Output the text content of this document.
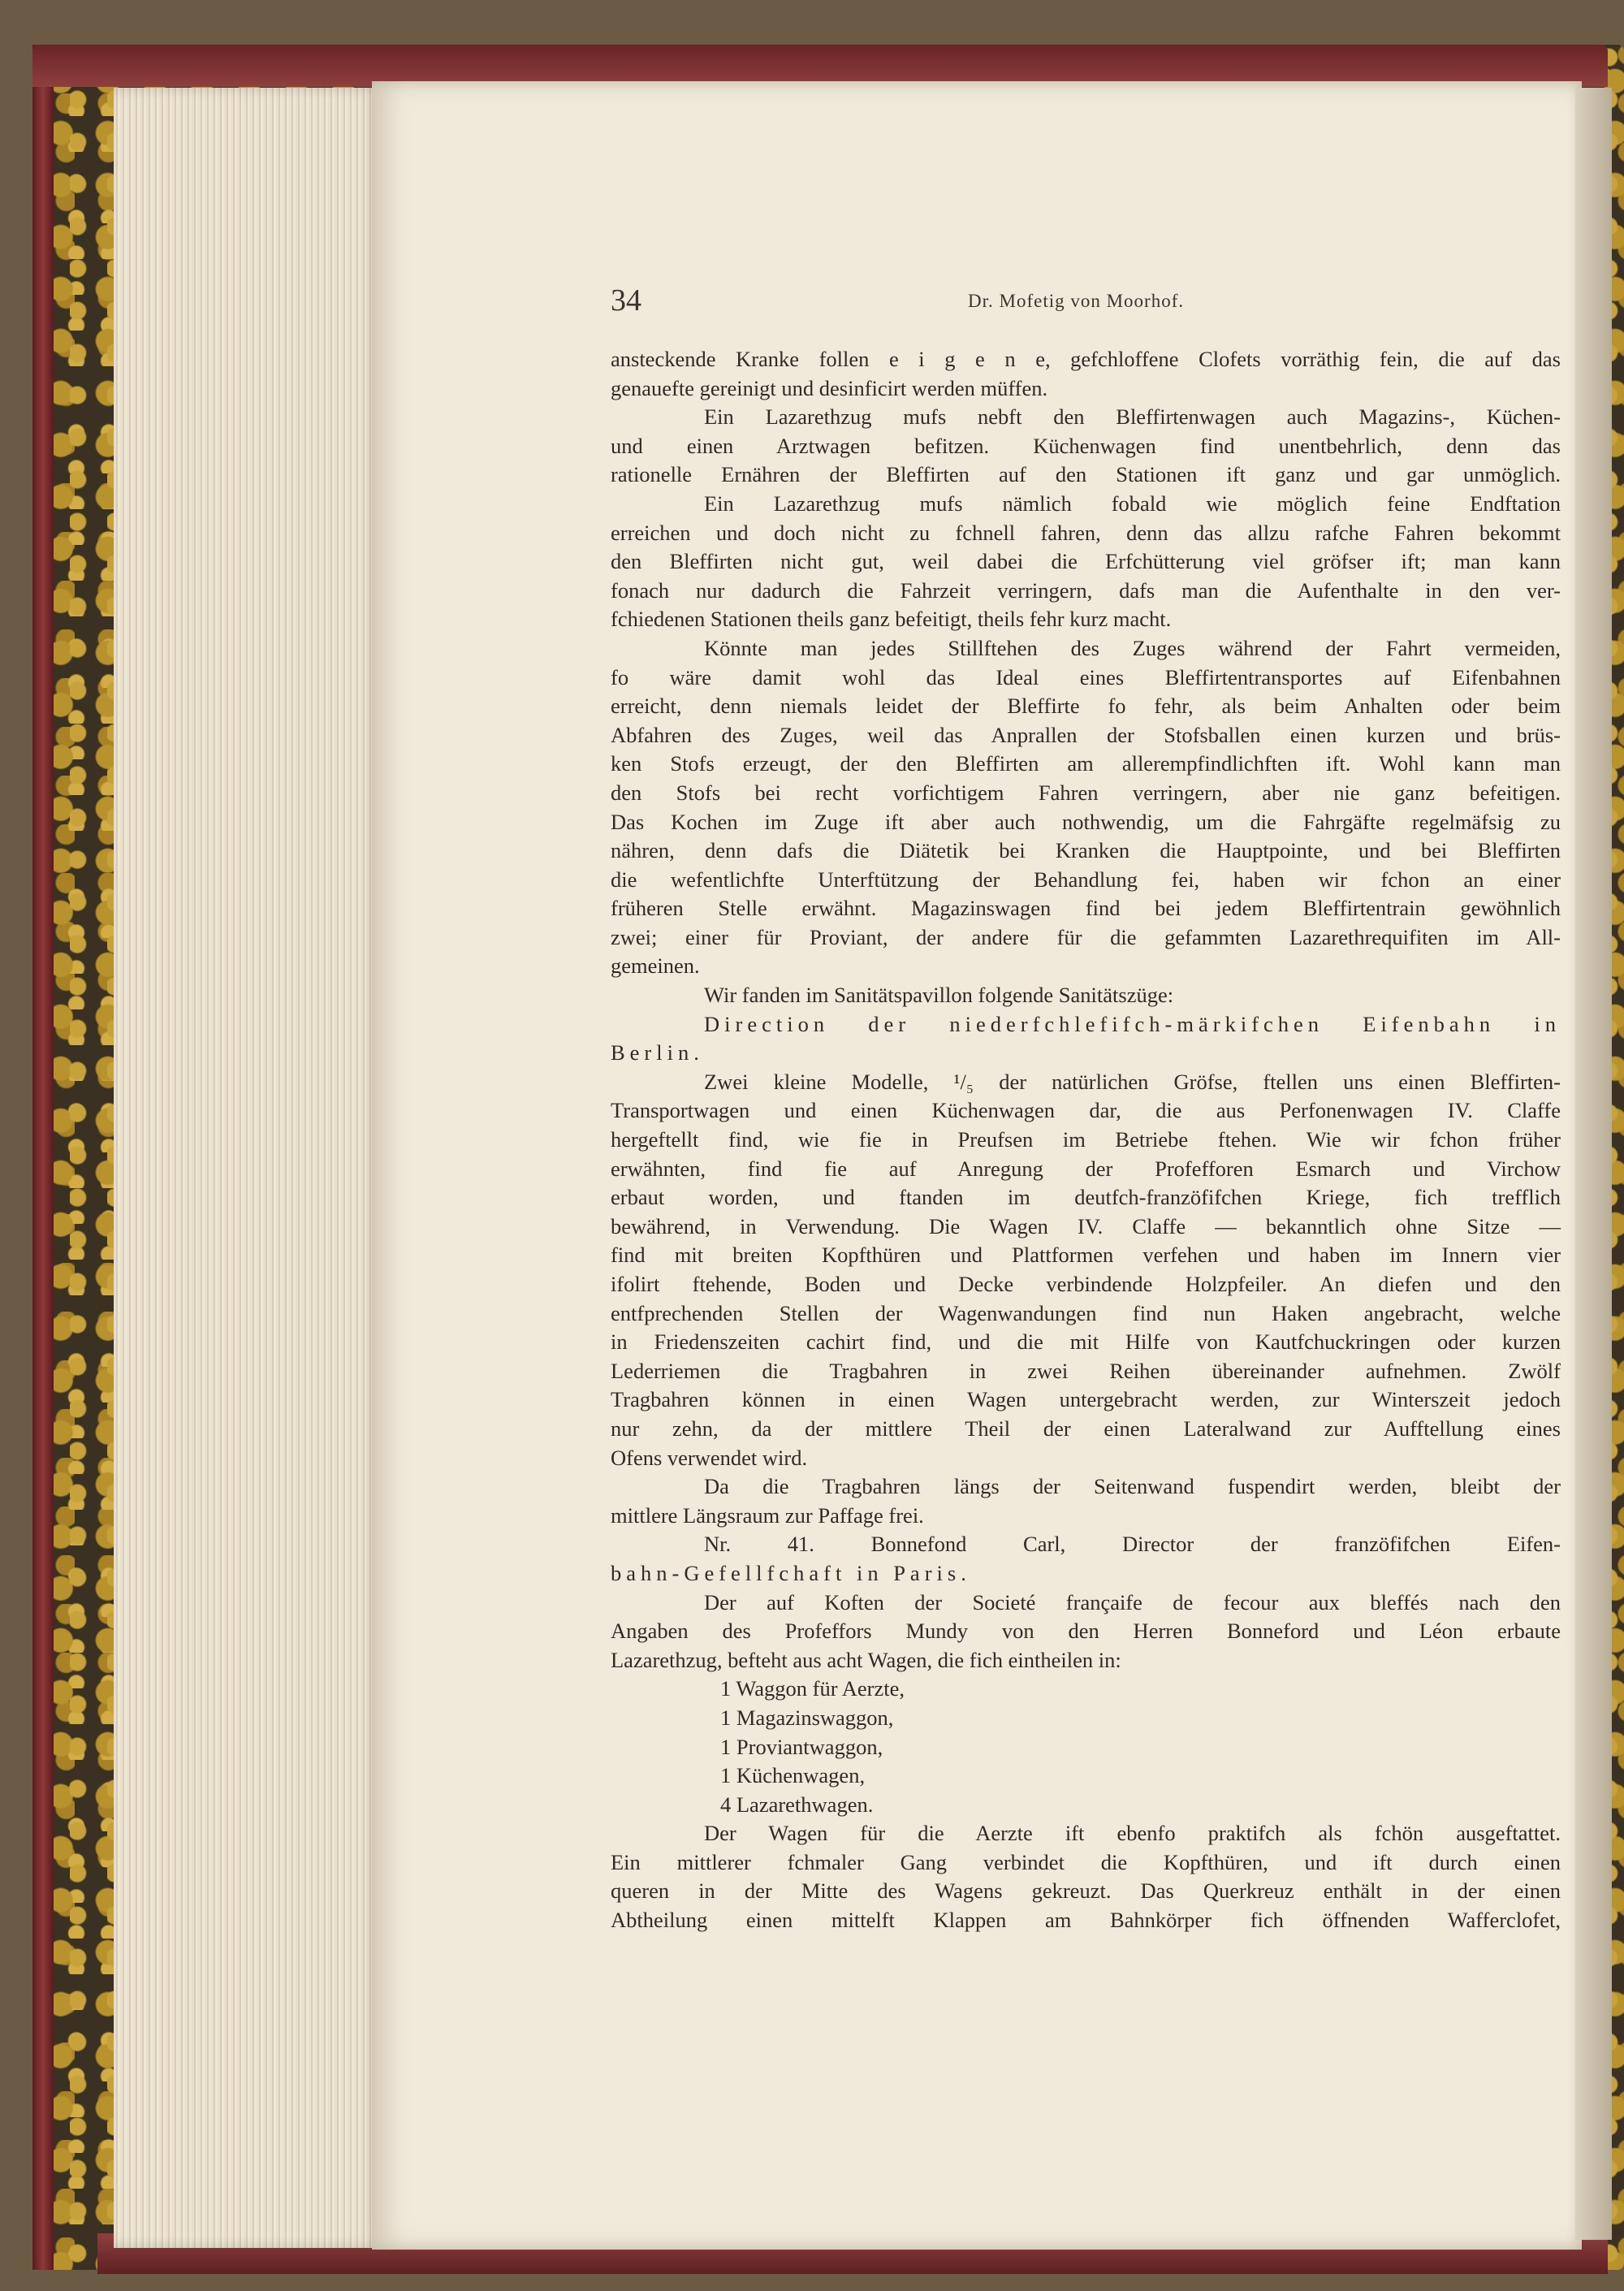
34	Dr. Mofetig von Moorhof.
ansteckende Kranke follen e i g e n e, gefchloffene Clofets vorräthig fein, die auf das
genauefte gereinigt und desinficirt werden müffen.
Ein Lazarethzug mufs nebft den Bleffirtenwagen auch Magazins-, Küchen-
und einen Arztwagen befitzen. Küchenwagen find unentbehrlich, denn das
rationelle Ernähren der Bleffirten auf den Stationen ift ganz und gar unmöglich.
Ein Lazarethzug mufs nämlich fobald wie möglich feine Endftation
erreichen und doch nicht zu fchnell fahren, denn das allzu rafche Fahren bekommt
den Bleffirten nicht gut, weil dabei die Erfchütterung viel gröfser ift; man kann
fonach nur dadurch die Fahrzeit verringern, dafs man die Aufenthalte in den ver-
fchiedenen Stationen theils ganz befeitigt, theils fehr kurz macht.
Könnte man jedes Stillftehen des Zuges während der Fahrt vermeiden,
fo wäre damit wohl das Ideal eines Bleffirtentransportes auf Eifenbahnen
erreicht, denn niemals leidet der Bleffirte fo fehr, als beim Anhalten oder beim
Abfahren des Zuges, weil das Anprallen der Stofsballen einen kurzen und brüs-
ken Stofs erzeugt, der den Bleffirten am allerempfindlichften ift. Wohl kann man
den Stofs bei recht vorfichtigem Fahren verringern, aber nie ganz befeitigen.
Das Kochen im Zuge ift aber auch nothwendig, um die Fahrgäfte regelmäfsig zu
nähren, denn dafs die Diätetik bei Kranken die Hauptpointe, und bei Bleffirten
die wefentlichfte Unterftützung der Behandlung fei, haben wir fchon an einer
früheren Stelle erwähnt. Magazinswagen find bei jedem Bleffirtentrain gewöhnlich
zwei; einer für Proviant, der andere für die gefammten Lazarethrequifiten im All-
gemeinen.
Wir fanden im Sanitätspavillon folgende Sanitätszüge:
Direction der niederfchlefifch-märkifchen Eifenbahn in
Berlin.
Zwei kleine Modelle, ¹/₅ der natürlichen Gröfse, ftellen uns einen Bleffirten-
Transportwagen und einen Küchenwagen dar, die aus Perfonenwagen IV. Claffe
hergeftellt find, wie fie in Preufsen im Betriebe ftehen. Wie wir fchon früher
erwähnten, find fie auf Anregung der Profefforen Esmarch und Virchow
erbaut worden, und ftanden im deutfch-franzöfifchen Kriege, fich trefflich
bewährend, in Verwendung. Die Wagen IV. Claffe — bekanntlich ohne Sitze —
find mit breiten Kopfthüren und Plattformen verfehen und haben im Innern vier
ifolirt ftehende, Boden und Decke verbindende Holzpfeiler. An diefen und den
entfprechenden Stellen der Wagenwandungen find nun Haken angebracht, welche
in Friedenszeiten cachirt find, und die mit Hilfe von Kautfchuckringen oder kurzen
Lederriemen die Tragbahren in zwei Reihen übereinander aufnehmen. Zwölf
Tragbahren können in einen Wagen untergebracht werden, zur Winterszeit jedoch
nur zehn, da der mittlere Theil der einen Lateralwand zur Aufftellung eines
Ofens verwendet wird.
Da die Tragbahren längs der Seitenwand fuspendirt werden, bleibt der
mittlere Längsraum zur Paffage frei.
Nr. 41. Bonnefond Carl, Director der franzöfifchen Eifen-
bahn-Gefellfchaft in Paris.
Der auf Koften der Societé françaife de fecour aux bleffés nach den
Angaben des Profeffors Mundy von den Herren Bonneford und Léon erbaute
Lazarethzug, befteht aus acht Wagen, die fich eintheilen in:
1 Waggon für Aerzte,
1 Magazinswaggon,
1 Proviantwaggon,
1 Küchenwagen,
4 Lazarethwagen.
Der Wagen für die Aerzte ift ebenfo praktifch als fchön ausgeftattet.
Ein mittlerer fchmaler Gang verbindet die Kopfthüren, und ift durch einen
queren in der Mitte des Wagens gekreuzt. Das Querkreuz enthält in der einen
Abtheilung einen mittelft Klappen am Bahnkörper fich öffnenden Wafferclofet,
